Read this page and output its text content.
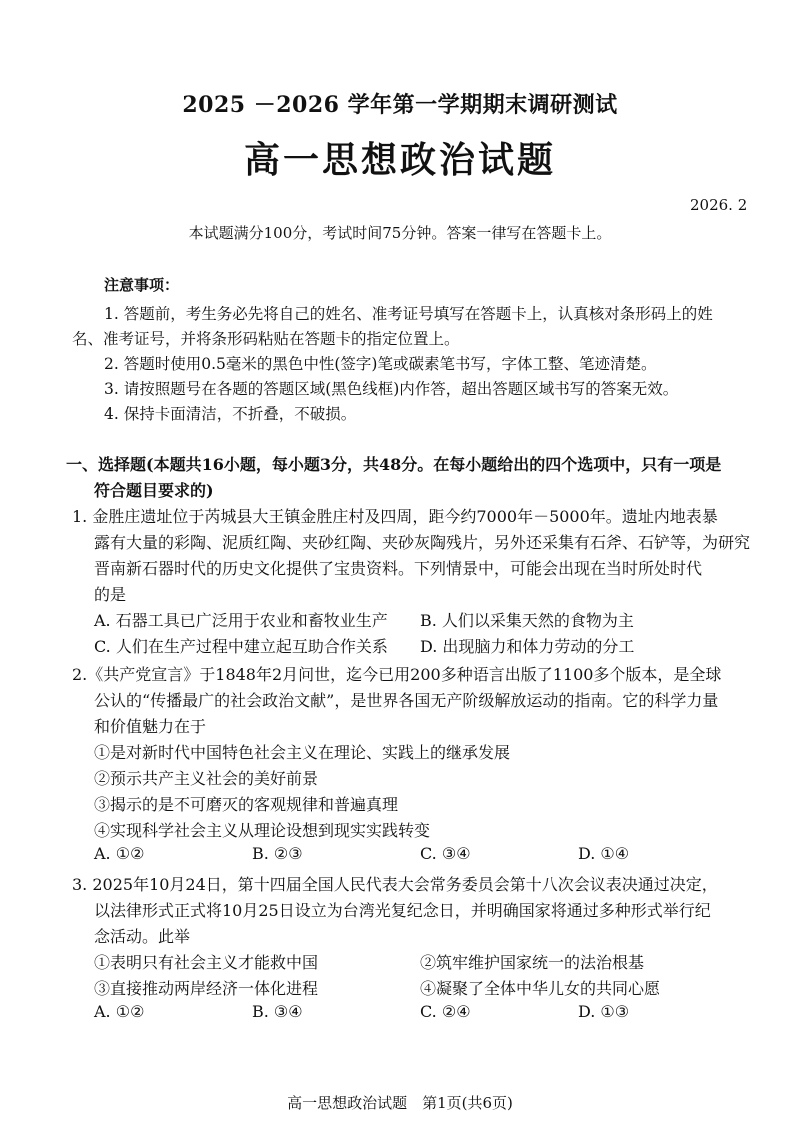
2025 －2026 学年第一学期期末调研测试
高一思想政治试题
2026. 2
本试题满分100分，考试时间75分钟。答案一律写在答题卡上。
注意事项：
1. 答题前，考生务必先将自己的姓名、准考证号填写在答题卡上，认真核对条形码上的姓
名、准考证号，并将条形码粘贴在答题卡的指定位置上。
2. 答题时使用0.5毫米的黑色中性(签字)笔或碳素笔书写，字体工整、笔迹清楚。
3. 请按照题号在各题的答题区域(黑色线框)内作答，超出答题区域书写的答案无效。
4. 保持卡面清洁，不折叠，不破损。
一、选择题(本题共16小题，每小题3分，共48分。在每小题给出的四个选项中，只有一项是
符合题目要求的)
1. 金胜庄遗址位于芮城县大王镇金胜庄村及四周，距今约7000年－5000年。遗址内地表暴
露有大量的彩陶、泥质红陶、夹砂红陶、夹砂灰陶残片，另外还采集有石斧、石铲等，为研究
晋南新石器时代的历史文化提供了宝贵资料。下列情景中，可能会出现在当时所处时代
的是
A. 石器工具已广泛用于农业和畜牧业生产 B. 人们以采集天然的食物为主
C. 人们在生产过程中建立起互助合作关系 D. 出现脑力和体力劳动的分工
2.《共产党宣言》于1848年2月问世，迄今已用200多种语言出版了1100多个版本，是全球
公认的“传播最广的社会政治文献”，是世界各国无产阶级解放运动的指南。它的科学力量
和价值魅力在于
①是对新时代中国特色社会主义在理论、实践上的继承发展
②预示共产主义社会的美好前景
③揭示的是不可磨灭的客观规律和普遍真理
④实现科学社会主义从理论设想到现实实践转变
A. ①②	B. ②③	C. ③④	D. ①④
3. 2025年10月24日，第十四届全国人民代表大会常务委员会第十八次会议表决通过决定，
以法律形式正式将10月25日设立为台湾光复纪念日，并明确国家将通过多种形式举行纪
念活动。此举
①表明只有社会主义才能救中国	②筑牢维护国家统一的法治根基
③直接推动两岸经济一体化进程	④凝聚了全体中华儿女的共同心愿
A. ①②	B. ③④	C. ②④	D. ①③
高一思想政治试题　第1页(共6页)
